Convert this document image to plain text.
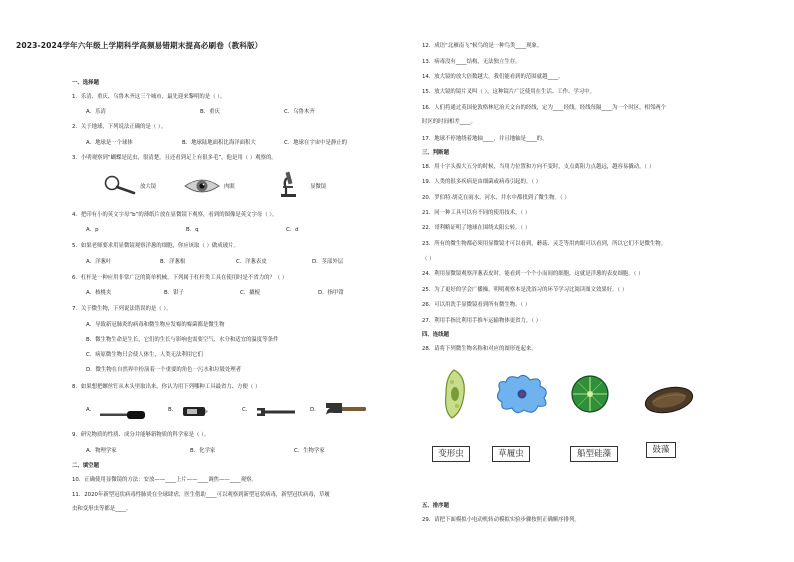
2023-2024学年六年级上学期科学高频易错期末提高必刷卷（教科版）
一、选择题
1．乐清、重庆、乌鲁木齐这三个城市，最先迎来黎明的是（ ）。
A．乐清	B．重庆	C．乌鲁木齐
2．关于地球，下列说法正确的是（ ）。
A．地球是一个球体	B．地球陆地面积比海洋面积大	C．地球在宇宙中是静止的
3．小明观察到“蝴蝶是昆虫，很清楚，且还看到足上有很多毛”，他是用（ ）观察的。
放大镜	肉眼	显微镜
4．把印有小的英文字母“b”的薄纸片放在显微镜下观察，看到的图像是英文字母（ ）。
A．p	B．q	C．d
5．如果老师要求用显微镜观察洋葱的细胞，你应该取（ ）做成玻片。
A．洋葱叶	B．洋葱根	C．洋葱表皮	D．茎部外层
6．杠杆是一种应用非常广泛的简单机械，下列属于杠杆类工具在使用时是不省力的？（ ）
A．核桃夹	B．钳子	C．撬棍	D．指甲钳
7．关于微生物，下列说法错误的是（ ）。
A．导致新冠肺炎的病毒和微生物应发霉的霉菌都是微生物
B．微生物生命是生长，它们的生长与影响也需要空气、水分和适宜的温度等条件
C．病原微生物只会使人体生，人类无法利用它们
D．微生物在自然界中扮演着一个重要的角色一污水和垃圾处理者
8．如果想把螺丝钉从木头里取出来，你认为用下列哪种工具最省力、方便（ ）
A．	B．	C．	D．
9．研究物质的性质、成分并能够新物质的科学家是（ ）。
A．物理学家	B．化学家	C．生物学家
二、填空题
10．正确使用显微镜的方法：安放——____上片——____调焦——____观察。
11．2020年新型冠状病毒性肺炎在全球肆虐，医生借助____可以观察到新型冠状病毒，新型冠状病毒，草履
虫和变形虫等都是____。
12．成语“北雁南飞”候鸟的是一种鸟类____现象。
13．病毒没有____结构，无法独立生存。
14．放大镜的放大倍数越大，我们能看到的范围就越____。
15．放大镜的镜片叉叫（ ），这种镜片广泛使用在生活、工作、学习中。
16．人们将通过英国伦敦格林尼治天文台的经线，定为____经线。经线每隔____为一个时区，相邻两个
时区的时间相差____。
17．地球不停地绕着地轴____，并且地轴是____的。
三、判断题
18．用十字头拔大五分的时候，当用力位置和方向不变时，支点离阻力点越远，越容易撬动。（ ）
19．人类的很多疾病是由细菌或病毒引起的。（ ）
20．罗伯特·胡克在雨水、河水、井水中都找到了微生物。（ ）
21．同一种工具可以有不同的使用技术。（ ）
22．哥利略证明了地球在围绕太阳公转。（ ）
23．所有的微生物都必须用显微镜才可以看到，蘑菇、灵芝等用肉眼可以看到，所以它们不是微生物。
（ ）
24．利用显微镜观察洋葱表皮时，能看到一个个小而间的细胞，这就是洋葱的表皮细胞。（ ）
25．为了更好的学会广播操，明明观察本是洗浴习的环节学习比阅读图文效果好。（ ）
26．可以用洗手显微镜看到所有微生物。（ ）
27．利用手指比利用手推车运输物体更省力。（ ）
四、连线题
28．请将下列微生物名称和对应的图形连起来。
变形虫	草履虫	船型硅藻	鼓藻
五、排序题
29．请把下面模拟小电动机转动模拟实验步骤按照正确顺序排列。
